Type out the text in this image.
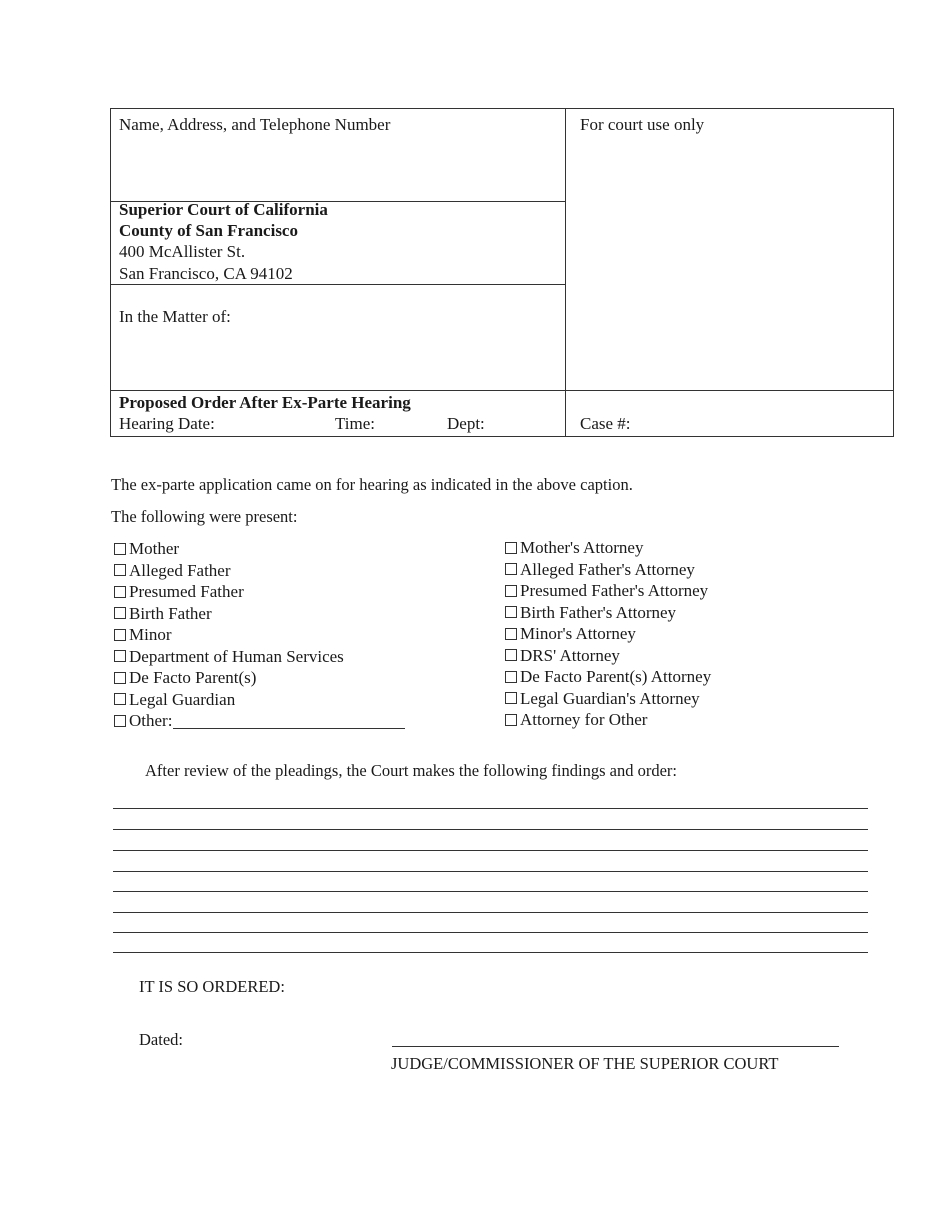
Name, Address, and Telephone Number	For court use only
Superior Court of California
County of San Francisco
400 McAllister St.
San Francisco, CA 94102
In the Matter of:
Proposed Order After Ex-Parte Hearing
Hearing Date:	Time:	Dept:	Case #:
The ex-parte application came on for hearing as indicated in the above caption.
The following were present:
Mother
Alleged Father
Presumed Father
Birth Father
Minor
Department of Human Services
De Facto Parent(s)
Legal Guardian
Other:
Mother's Attorney
Alleged Father's Attorney
Presumed Father's Attorney
Birth Father's Attorney
Minor's Attorney
DRS' Attorney
De Facto Parent(s) Attorney
Legal Guardian's Attorney
Attorney for Other
After review of the pleadings, the Court makes the following findings and order:
IT IS SO ORDERED:
Dated:
JUDGE/COMMISSIONER OF THE SUPERIOR COURT
